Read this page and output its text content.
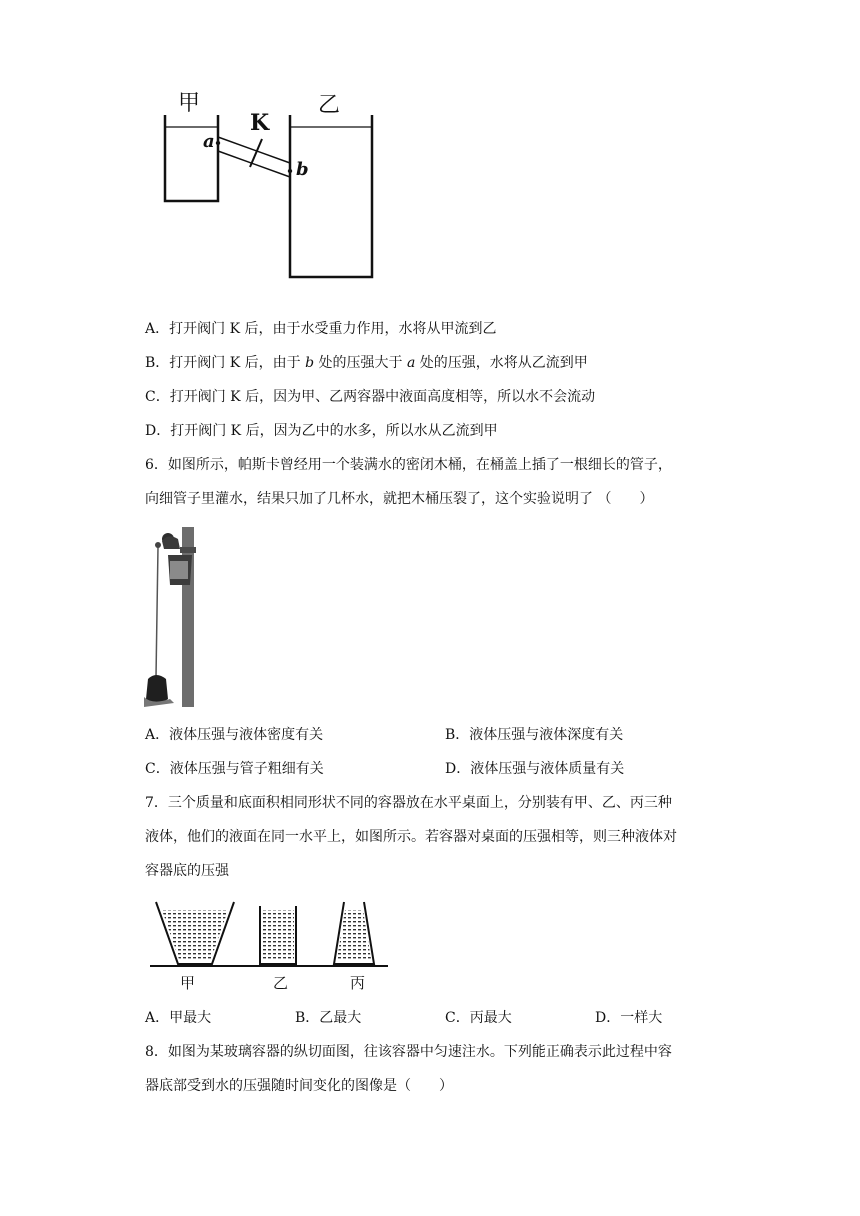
甲	乙
K
a
b
A．打开阀门 K 后，由于水受重力作用，水将从甲流到乙
B．打开阀门 K 后，由于 b 处的压强大于 a 处的压强，水将从乙流到甲
C．打开阀门 K 后，因为甲、乙两容器中液面高度相等，所以水不会流动
D．打开阀门 K 后，因为乙中的水多，所以水从乙流到甲
6．如图所示，帕斯卡曾经用一个装满水的密闭木桶，在桶盖上插了一根细长的管子，
向细管子里灌水，结果只加了几杯水，就把木桶压裂了，这个实验说明了 （　　）
A．液体压强与液体密度有关	B．液体压强与液体深度有关
C．液体压强与管子粗细有关	D．液体压强与液体质量有关
7．三个质量和底面积相同形状不同的容器放在水平桌面上，分别装有甲、乙、丙三种
液体，他们的液面在同一水平上，如图所示。若容器对桌面的压强相等，则三种液体对
容器底的压强
甲	乙	丙
A．甲最大	B．乙最大	C．丙最大	D．一样大
8．如图为某玻璃容器的纵切面图，往该容器中匀速注水。下列能正确表示此过程中容
器底部受到水的压强随时间变化的图像是（　　）
